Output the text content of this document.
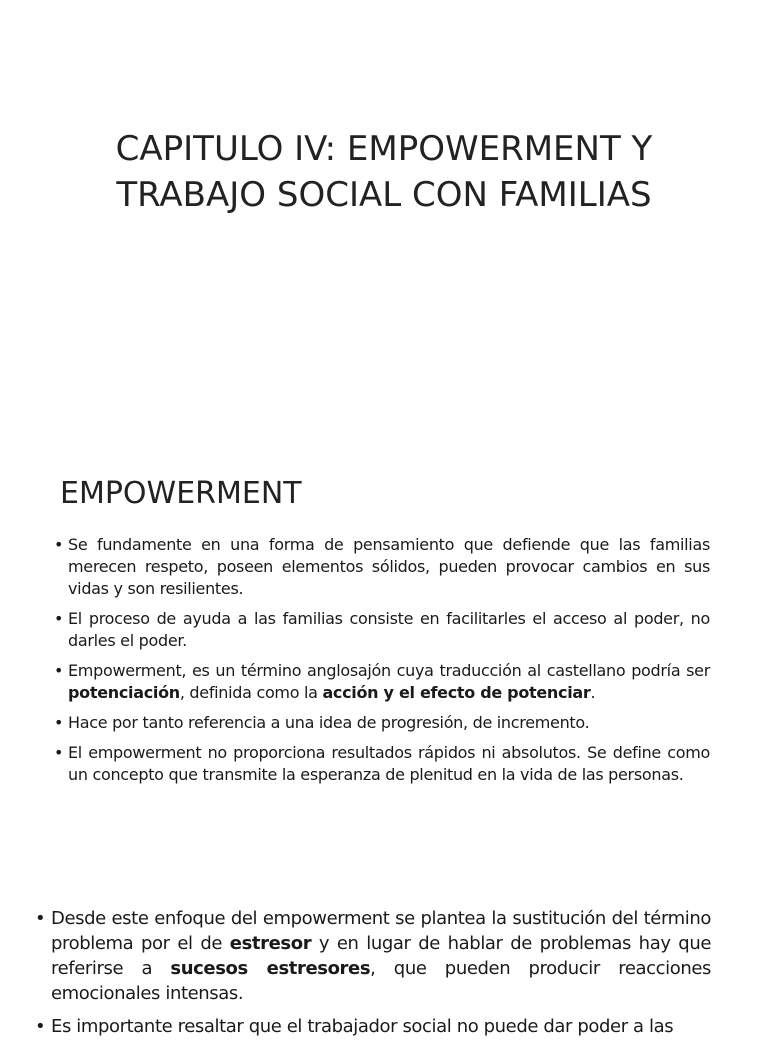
CAPITULO IV: EMPOWERMENT Y
TRABAJO SOCIAL CON FAMILIAS
EMPOWERMENT
• Se fundamente en una forma de pensamiento que defiende que las familias merecen respeto, poseen elementos sólidos, pueden provocar cambios en sus vidas y son resilientes.
• El proceso de ayuda a las familias consiste en facilitarles el acceso al poder, no darles el poder.
• Empowerment, es un término anglosajón cuya traducción al castellano podría ser potenciación, definida como la acción y el efecto de potenciar.
• Hace por tanto referencia a una idea de progresión, de incremento.
• El empowerment no proporciona resultados rápidos ni absolutos. Se define como un concepto que transmite la esperanza de plenitud en la vida de las personas.
• Desde este enfoque del empowerment se plantea la sustitución del término problema por el de estresor y en lugar de hablar de problemas hay que referirse a sucesos estresores, que pueden producir reacciones emocionales intensas.
• Es importante resaltar que el trabajador social no puede dar poder a las
